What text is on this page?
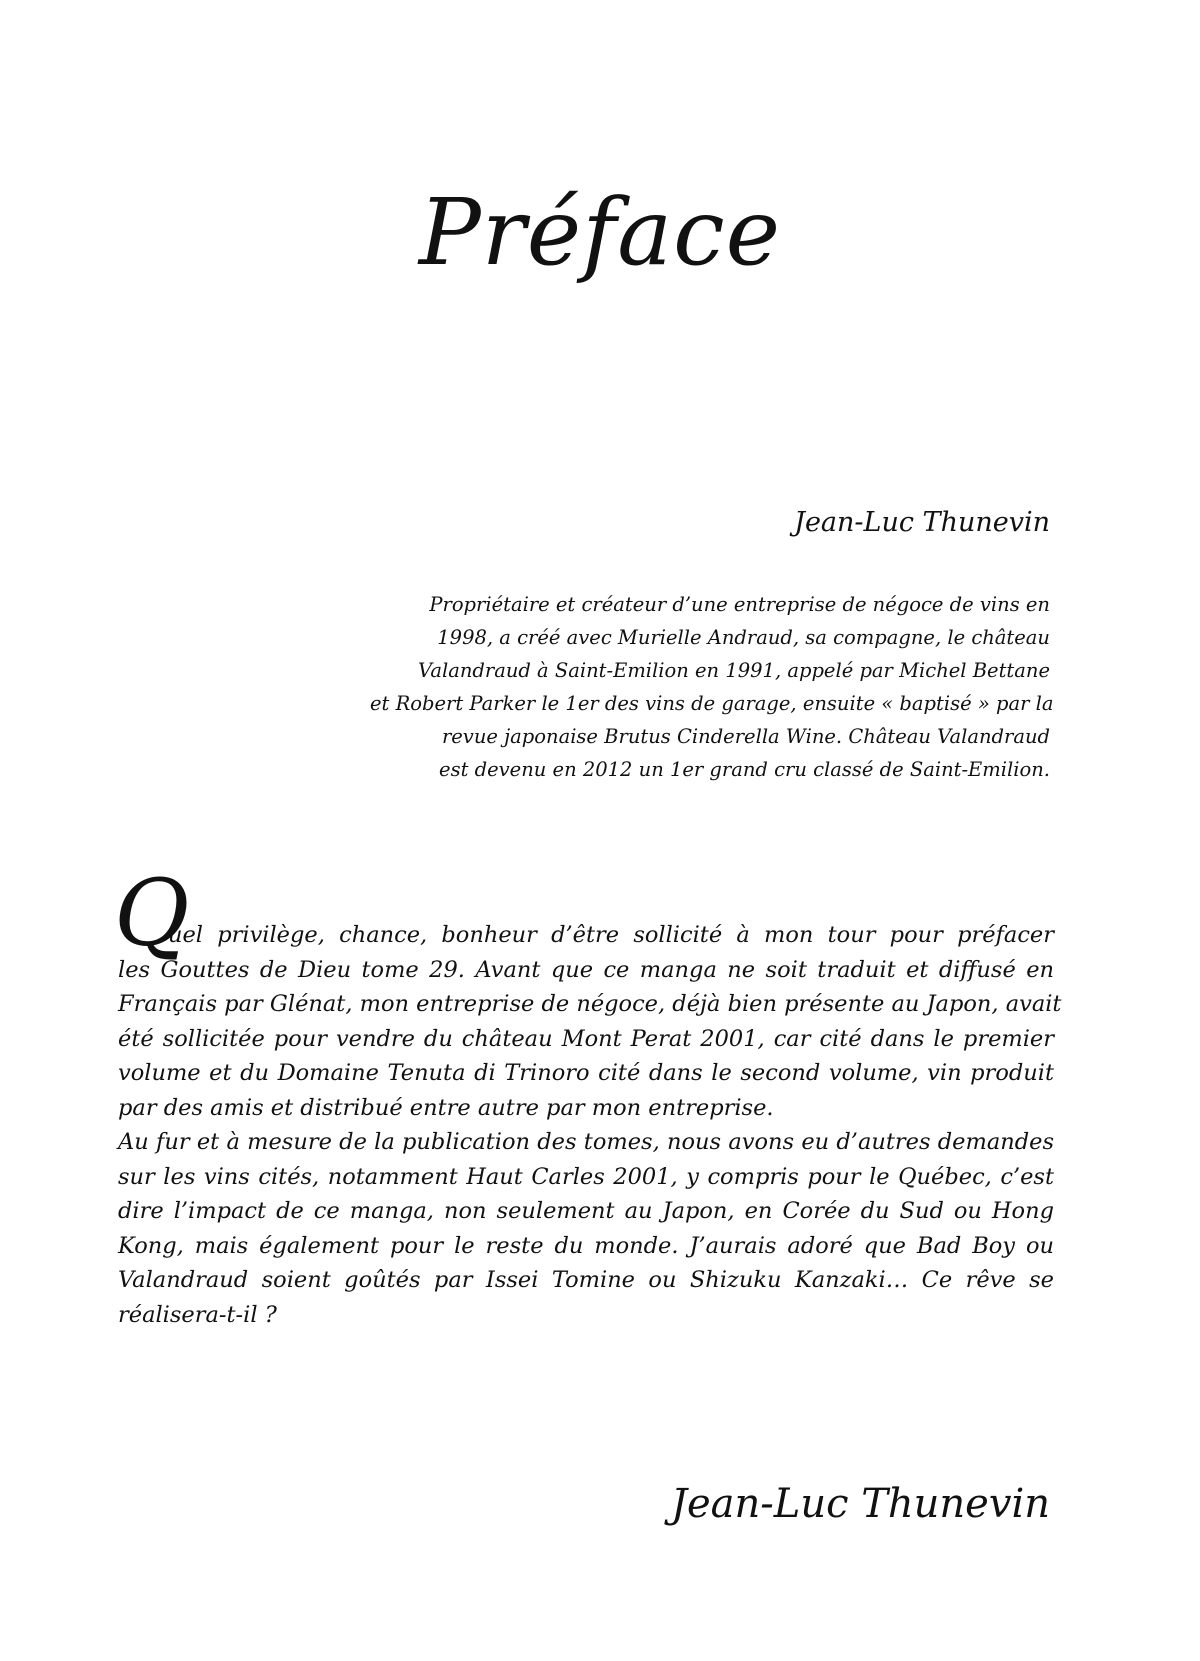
Préface
Jean-Luc Thunevin
Propriétaire et créateur d’une entreprise de négoce de vins en
1998, a créé avec Murielle Andraud, sa compagne, le château
Valandraud à Saint-Emilion en 1991, appelé par Michel Bettane
et Robert Parker le 1er des vins de garage, ensuite « baptisé » par la
revue japonaise Brutus Cinderella Wine. Château Valandraud
est devenu en 2012 un 1er grand cru classé de Saint-Emilion.
Q
uel privilège, chance, bonheur d’être sollicité à mon tour pour préfacer
les Gouttes de Dieu tome 29. Avant que ce manga ne soit traduit et diffusé en
Français par Glénat, mon entreprise de négoce, déjà bien présente au Japon, avait
été sollicitée pour vendre du château Mont Perat 2001, car cité dans le premier
volume et du Domaine Tenuta di Trinoro cité dans le second volume, vin produit
par des amis et distribué entre autre par mon entreprise.
Au fur et à mesure de la publication des tomes, nous avons eu d’autres demandes
sur les vins cités, notamment Haut Carles 2001, y compris pour le Québec, c’est
dire l’impact de ce manga, non seulement au Japon, en Corée du Sud ou Hong
Kong, mais également pour le reste du monde. J’aurais adoré que Bad Boy ou
Valandraud soient goûtés par Issei Tomine ou Shizuku Kanzaki… Ce rêve se
réalisera-t-il ?
Jean-Luc Thunevin
